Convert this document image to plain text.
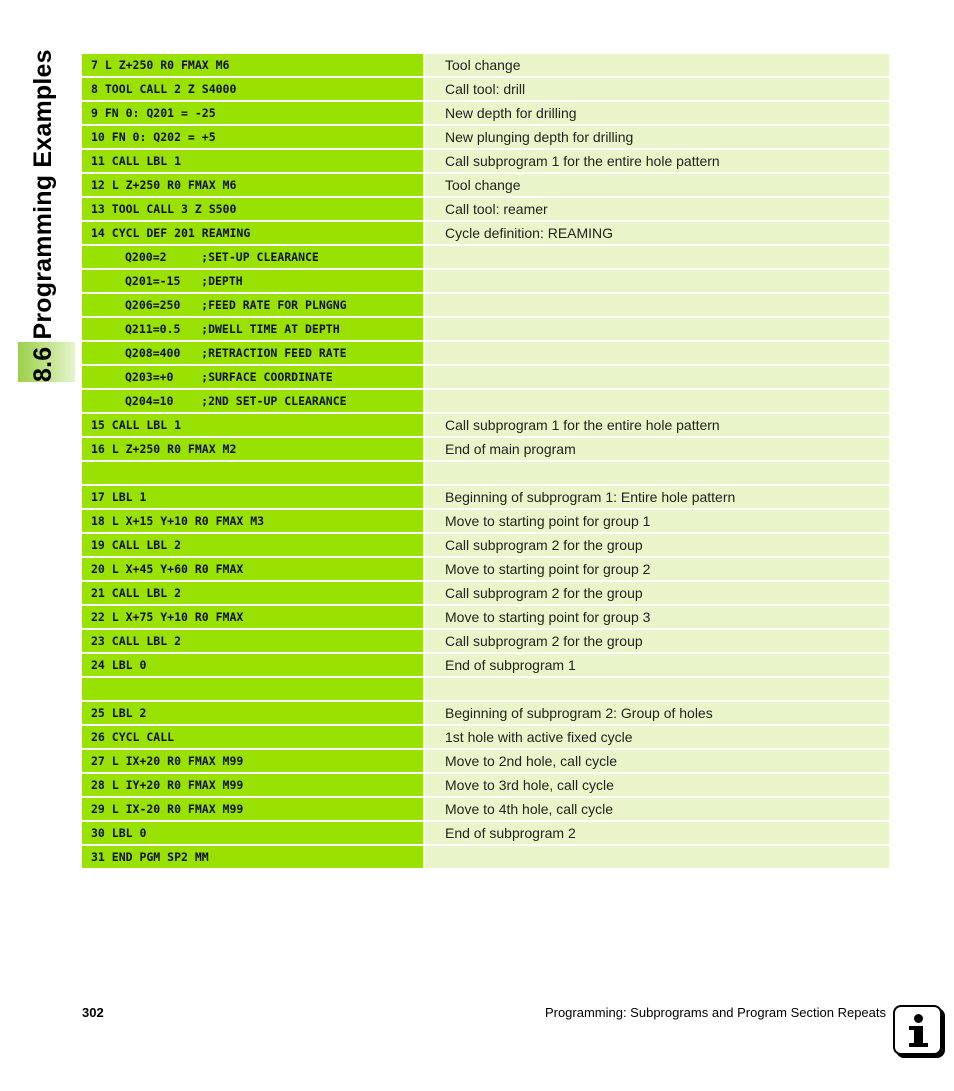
8.6 Programming Examples	7 L Z+250 R0 FMAX M6	Tool change
8 TOOL CALL 2 Z S4000	Call tool: drill
9 FN 0: Q201 = -25	New depth for drilling
10 FN 0: Q202 = +5	New plunging depth for drilling
11 CALL LBL 1	Call subprogram 1 for the entire hole pattern
12 L Z+250 R0 FMAX M6	Tool change
13 TOOL CALL 3 Z S500	Call tool: reamer
14 CYCL DEF 201 REAMING	Cycle definition: REAMING
Q200=2     ;SET-UP CLEARANCE
Q201=-15   ;DEPTH
Q206=250   ;FEED RATE FOR PLNGNG
Q211=0.5   ;DWELL TIME AT DEPTH
Q208=400   ;RETRACTION FEED RATE
Q203=+0    ;SURFACE COORDINATE
Q204=10    ;2ND SET-UP CLEARANCE
15 CALL LBL 1	Call subprogram 1 for the entire hole pattern
16 L Z+250 R0 FMAX M2	End of main program
17 LBL 1	Beginning of subprogram 1: Entire hole pattern
18 L X+15 Y+10 R0 FMAX M3	Move to starting point for group 1
19 CALL LBL 2	Call subprogram 2 for the group
20 L X+45 Y+60 R0 FMAX	Move to starting point for group 2
21 CALL LBL 2	Call subprogram 2 for the group
22 L X+75 Y+10 R0 FMAX	Move to starting point for group 3
23 CALL LBL 2	Call subprogram 2 for the group
24 LBL 0	End of subprogram 1
25 LBL 2	Beginning of subprogram 2: Group of holes
26 CYCL CALL	1st hole with active fixed cycle
27 L IX+20 R0 FMAX M99	Move to 2nd hole, call cycle
28 L IY+20 R0 FMAX M99	Move to 3rd hole, call cycle
29 L IX-20 R0 FMAX M99	Move to 4th hole, call cycle
30 LBL 0	End of subprogram 2
31 END PGM SP2 MM
302	Programming: Subprograms and Program Section Repeats
